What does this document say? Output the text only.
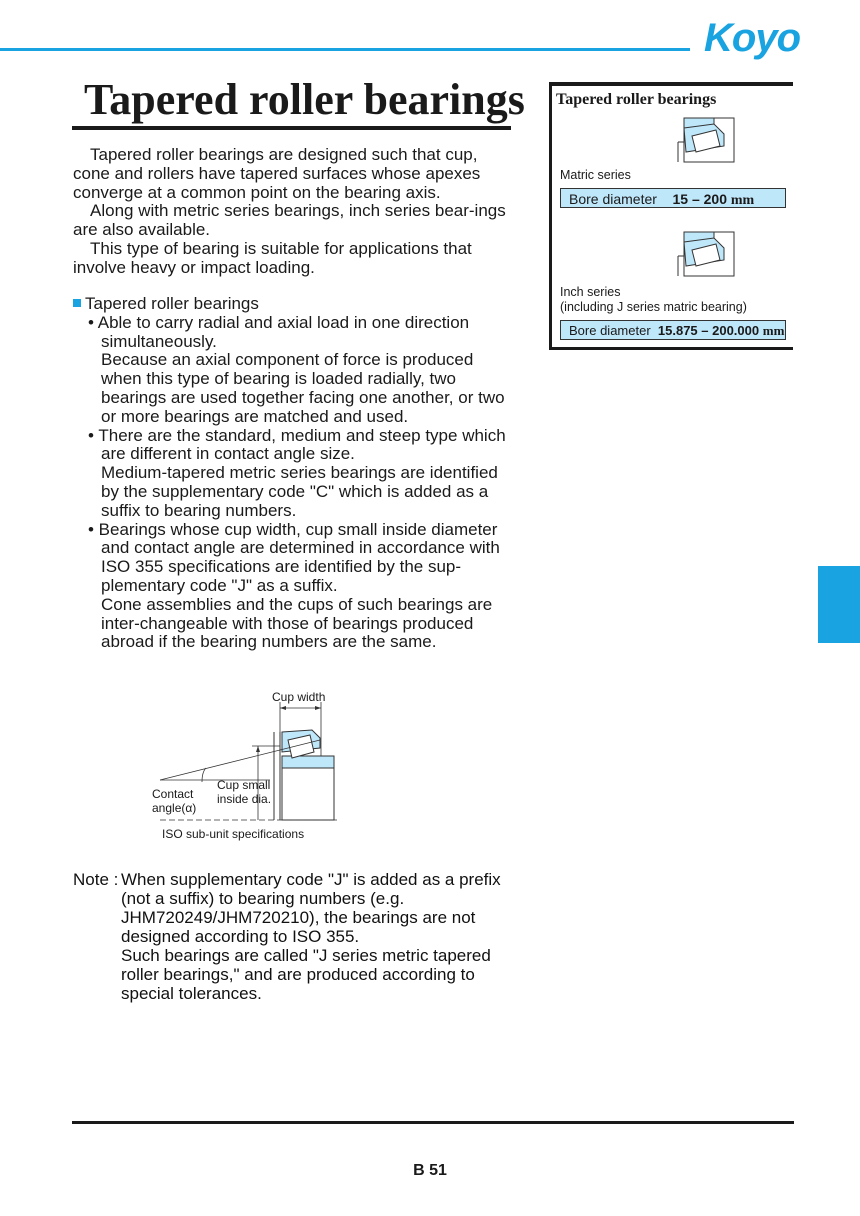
Koyo
Tapered roller bearings

Tapered roller bearings are designed such that cup, cone and rollers have tapered surfaces whose apexes converge at a common point on the bearing axis.

Along with metric series bearings, inch series bear-ings are also available.

This type of bearing is suitable for applications that involve heavy or impact loading.

Tapered roller bearings

• Able to carry radial and axial load in one direction simultaneously.

Because an axial component of force is produced when this type of bearing is loaded radially, two bearings are used together facing one another, or two or more bearings are matched and used.

• There are the standard, medium and steep type which are different in contact angle size.

Medium-tapered metric series bearings are identified by the supplementary code "C" which is added as a suffix to bearing numbers.

• Bearings whose cup width, cup small inside diameter and contact angle are determined in accordance with ISO 355 specifications are identified by the sup-plementary code "J" as a suffix.

Cone assemblies and the cups of such bearings are inter-changeable with those of bearings produced abroad if the bearing numbers are the same.

Cup width
Cup small
inside dia.
Contact
angle(α)
ISO sub-unit specifications
Tapered roller bearings
Matric series
Bore diameter 15 – 200 mm
Inch series
(including J series matric bearing)
Bore diameter 15.875 – 200.000 mm
Note : When supplementary code "J" is added as a prefix (not a suffix) to bearing numbers (e.g. JHM720249/JHM720210), the bearings are not designed according to ISO 355.

Such bearings are called "J series metric tapered roller bearings," and are produced according to special tolerances.

B 51
